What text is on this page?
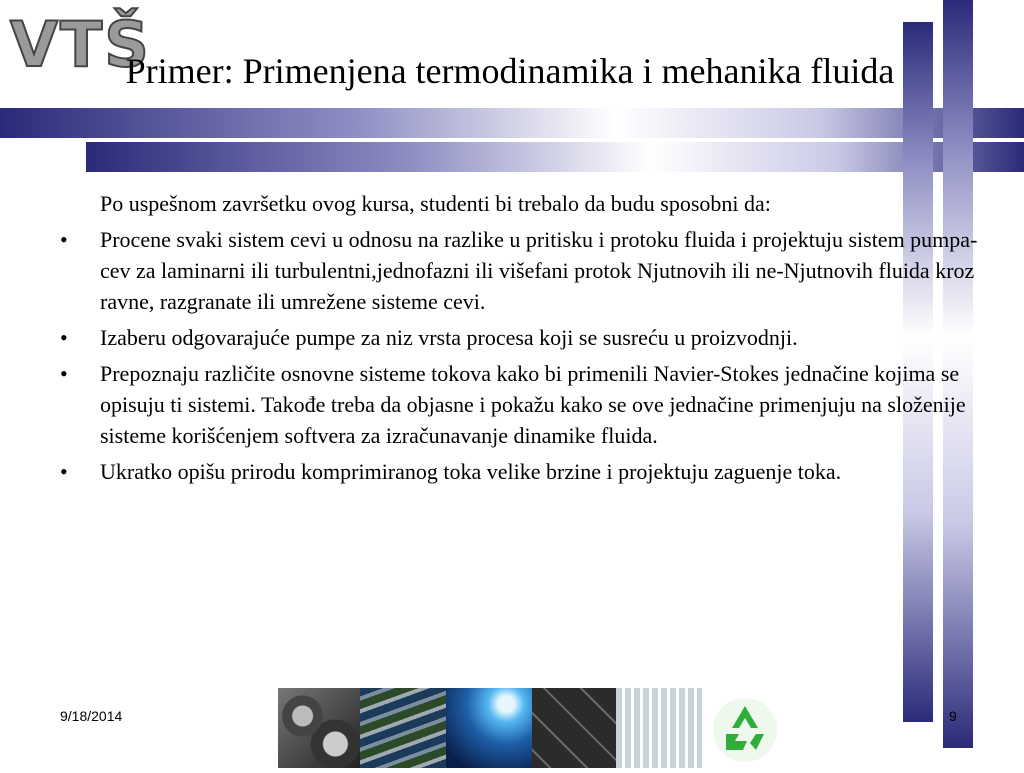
VTŠ
Primer: Primenjena termodinamika i mehanika fluida

Po uspešnom završetku ovog kursa, studenti bi trebalo da budu sposobni da:

• Procene svaki sistem cevi u odnosu na razlike u pritisku i protoku fluida i projektuju sistem pumpa-cev za laminarni ili turbulentni,jednofazni ili višefani protok Njutnovih ili ne-Njutnovih fluida kroz ravne, razgranate ili umrežene sisteme cevi.
• Izaberu odgovarajuće pumpe za niz vrsta procesa koji se susreću u proizvodnji.
• Prepoznaju različite osnovne sisteme tokova kako bi primenili Navier-Stokes jednačine kojima se opisuju ti sistemi. Takođe treba da objasne i pokažu kako se ove jednačine primenjuju na složenije sisteme korišćenjem softvera za izračunavanje dinamike fluida.
• Ukratko opišu prirodu komprimiranog toka velike brzine i projektuju zaguenje toka.
9/18/2014	9
